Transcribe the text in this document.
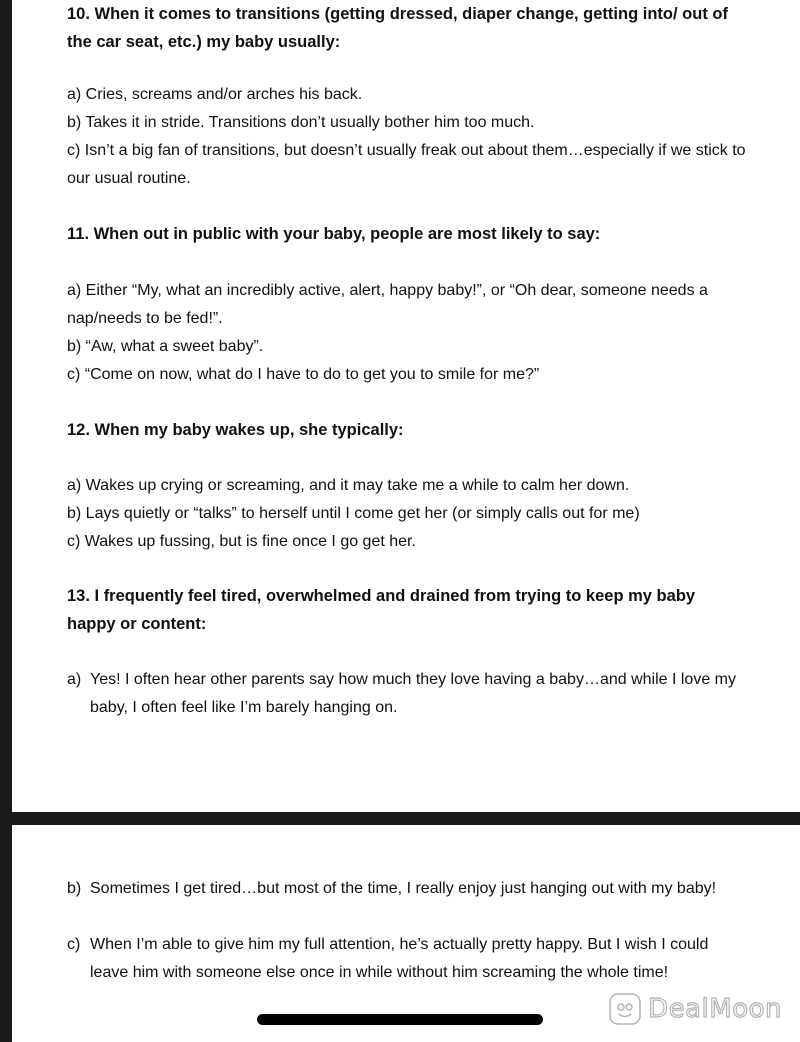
10. When it comes to transitions (getting dressed, diaper change, getting into/ out of the car seat, etc.) my baby usually:

a) Cries, screams and/or arches his back.

b) Takes it in stride. Transitions don’t usually bother him too much.

c) Isn’t a big fan of transitions, but doesn’t usually freak out about them…especially if we stick to our usual routine.

11. When out in public with your baby, people are most likely to say:

a) Either “My, what an incredibly active, alert, happy baby!”, or “Oh dear, someone needs a nap/needs to be fed!”.

b) “Aw, what a sweet baby”.

c) “Come on now, what do I have to do to get you to smile for me?”

12. When my baby wakes up, she typically:

a) Wakes up crying or screaming, and it may take me a while to calm her down.

b) Lays quietly or “talks” to herself until I come get her (or simply calls out for me)

c) Wakes up fussing, but is fine once I go get her.

13. I frequently feel tired, overwhelmed and drained from trying to keep my baby happy or content:

a) Yes! I often hear other parents say how much they love having a baby…and while I love my baby, I often feel like I’m barely hanging on.

b) Sometimes I get tired…but most of the time, I really enjoy just hanging out with my baby!

c) When I’m able to give him my full attention, he’s actually pretty happy. But I wish I could leave him with someone else once in while without him screaming the whole time!

DealMoon
